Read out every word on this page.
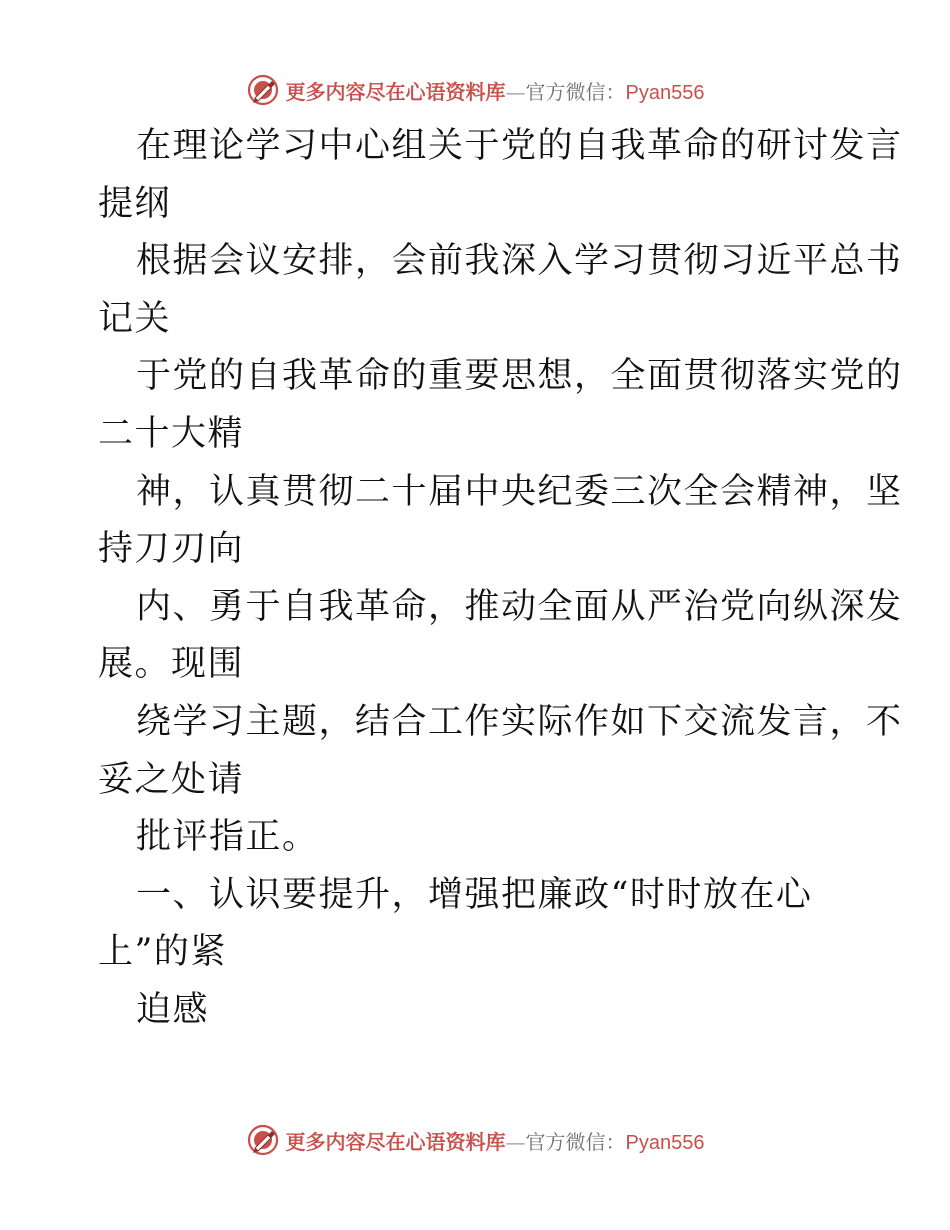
更多内容尽在心语资料库—官方微信：Pyan556
在理论学习中心组关于党的自我革命的研讨发言
提纲
根据会议安排，会前我深入学习贯彻习近平总书
记关
于党的自我革命的重要思想，全面贯彻落实党的
二十大精
神，认真贯彻二十届中央纪委三次全会精神，坚
持刀刃向
内、勇于自我革命，推动全面从严治党向纵深发
展。现围
绕学习主题，结合工作实际作如下交流发言，不
妥之处请
批评指正。
一、认识要提升，增强把廉政“时时放在心
上”的紧
迫感
更多内容尽在心语资料库—官方微信：Pyan556
